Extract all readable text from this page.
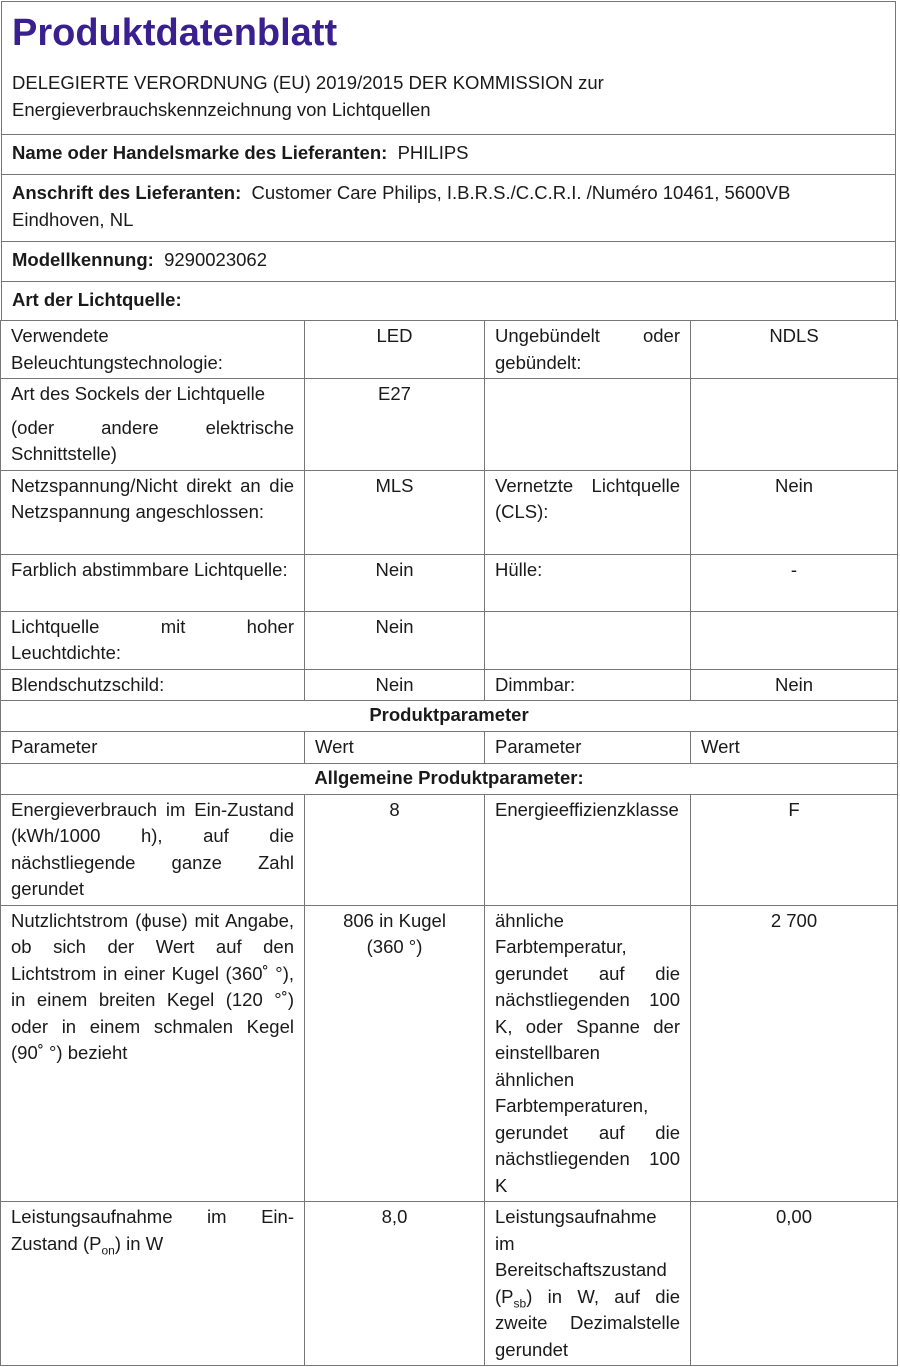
Produktdatenblatt
DELEGIERTE VERORDNUNG (EU) 2019/2015 DER KOMMISSION zur
Energieverbrauchskennzeichnung von Lichtquellen
Name oder Handelsmarke des Lieferanten: PHILIPS
Anschrift des Lieferanten: Customer Care Philips, I.B.R.S./C.C.R.I. /Numéro 10461, 5600VB Eindhoven, NL
Modellkennung: 9290023062
Art der Lichtquelle:
Verwendete Beleuchtungstechnologie:	LED	Ungebündelt oder gebündelt:	NDLS

Art des Sockels der Lichtquelle
(oder andere elektrische Schnittstelle)	E27		
Netzspannung/Nicht direkt an die Netzspannung angeschlossen:	MLS	Vernetzte Lichtquelle (CLS):	Nein
Farblich abstimmbare Lichtquelle:	Nein	Hülle:	-
Lichtquelle mit hoher Leuchtdichte:	Nein		
Blendschutzschild:	Nein	Dimmbar:	Nein
Produktparameter			
Parameter	Wert	Parameter	Wert
Allgemeine Produktparameter:			
Energieverbrauch im Ein-Zustand (kWh/1000 h), auf die nächstliegende ganze Zahl gerundet	8	Energieeffizienzklasse	F
Nutzlichtstrom (ϕuse) mit Angabe, ob sich der Wert auf den Lichtstrom in einer Kugel (360˚ °), in einem breiten Kegel (120 °˚) oder in einem schmalen Kegel (90˚ °) bezieht	806 in Kugel (360 °)	ähnliche Farbtemperatur, gerundet auf die nächstliegenden 100 K, oder Spanne der einstellbaren ähnlichen Farbtemperaturen, gerundet auf die nächstliegenden 100 K	2 700
Leistungsaufnahme im Ein-Zustand $(P_{on})$ in W	8,0	Leistungsaufnahme im Bereitschaftszustand $(P_{sb})$ in W, auf die zweite Dezimalstelle gerundet	0,00
